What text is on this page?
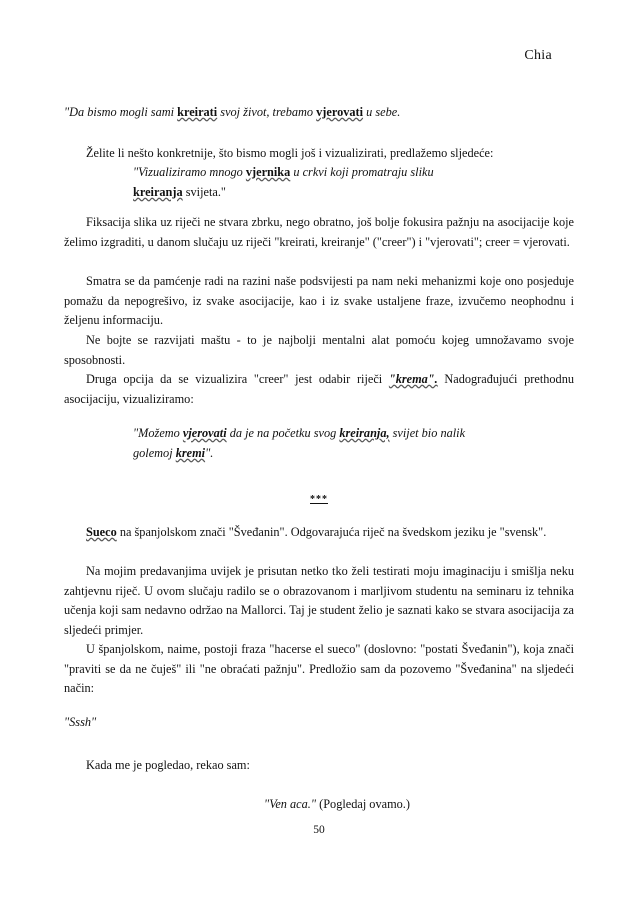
Chia

"Da bismo mogli sami kreirati svoj život, trebamo vjerovati u sebe.

Želite li nešto konkretnije, što bismo mogli još i vizualizirati, predlažemo sljedeće:

"Vizualiziramo mnogo vjernika u crkvi koji promatraju sliku
kreiranja svijeta."

Fiksacija slika uz riječi ne stvara zbrku, nego obratno, još bolje fokusira pažnju na asocijacije koje želimo izgraditi, u danom slučaju uz riječi "kreirati, kreiranje" ("creer") i "vjerovati"; creer = vjerovati.

Smatra se da pamćenje radi na razini naše podsvijesti pa nam neki mehanizmi koje ono posjeduje pomažu da nepogrešivo, iz svake asocijacije, kao i iz svake ustaljene fraze, izvučemo neophodnu i željenu informaciju.

Ne bojte se razvijati maštu - to je najbolji mentalni alat pomoću kojeg umnožavamo svoje sposobnosti.

Druga opcija da se vizualizira "creer" jest odabir riječi "krema". Nadograđujući prethodnu asocijaciju, vizualiziramo:

"Možemo vjerovati da je na početku svog kreiranja, svijet bio nalik golemoj kremi".

***

Sueco na španjolskom znači "Šveđanin". Odgovarajuća riječ na švedskom jeziku je "svensk".

Na mojim predavanjima uvijek je prisutan netko tko želi testirati moju imaginaciju i smišlja neku zahtjevnu riječ. U ovom slučaju radilo se o obrazovanom i marljivom studentu na seminaru iz tehnika učenja koji sam nedavno održao na Mallorci. Taj je student želio je saznati kako se stvara asocijacija za sljedeći primjer.

U španjolskom, naime, postoji fraza "hacerse el sueco" (doslovno: "postati Šveđanin"), koja znači "praviti se da ne čuješ" ili "ne obraćati pažnju". Predložio sam da pozovemo "Šveđanina" na sljedeći način:

"Sssh"

Kada me je pogledao, rekao sam:

"Ven aca." (Pogledaj ovamo.)
50
